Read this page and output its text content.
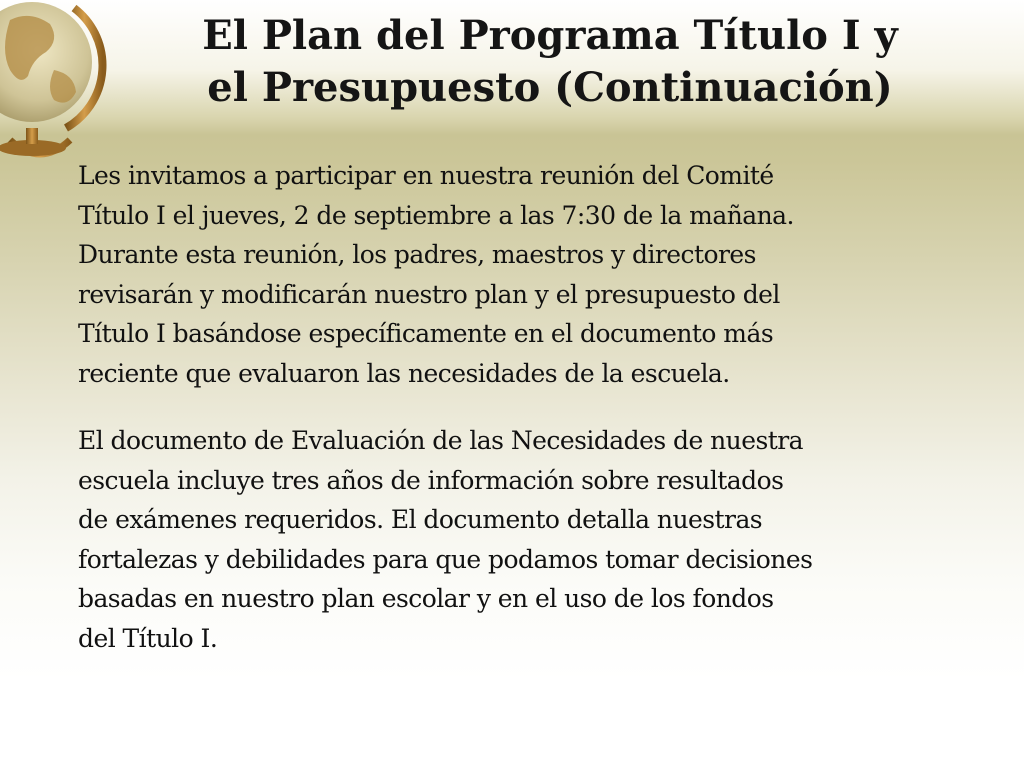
El Plan del Programa Título I y
el Presupuesto (Continuación)

Les invitamos a participar en nuestra reunión del Comité
Título I el jueves, 2 de septiembre a las 7:30 de la mañana.
Durante esta reunión, los padres, maestros y directores
revisarán y modificarán nuestro plan y el presupuesto del
Título I basándose específicamente en el documento más
reciente que evaluaron las necesidades de la escuela.

El documento de Evaluación de las Necesidades de nuestra
escuela incluye tres años de información sobre resultados
de exámenes requeridos. El documento detalla nuestras
fortalezas y debilidades para que podamos tomar decisiones
basadas en nuestro plan escolar y en el uso de los fondos
del Título I.
